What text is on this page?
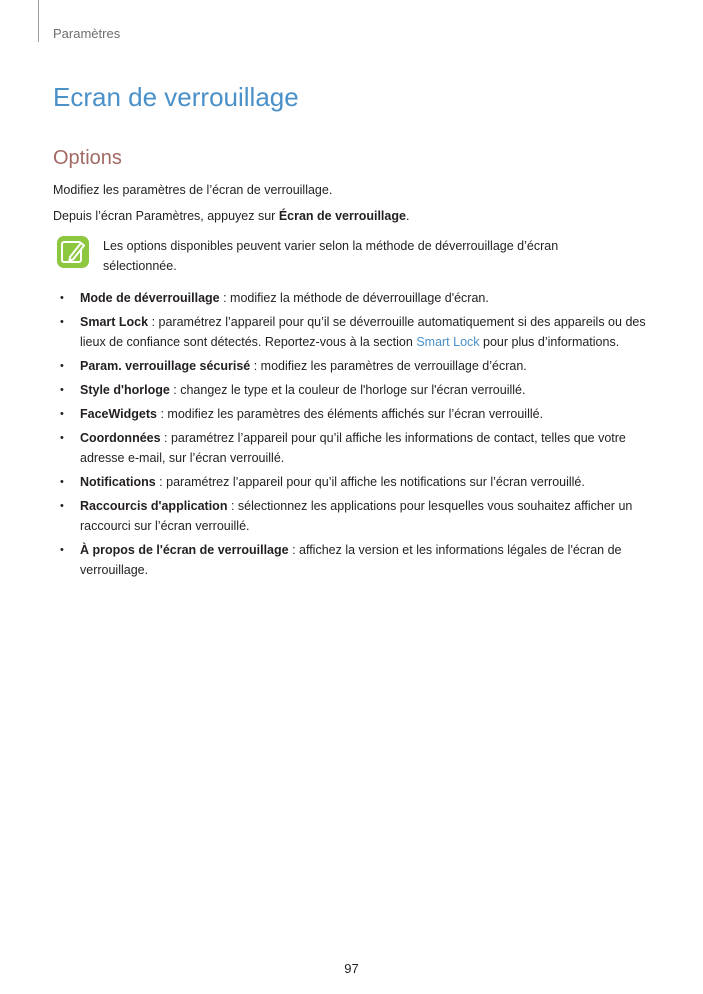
Paramètres
Ecran de verrouillage
Options

Modifiez les paramètres de l’écran de verrouillage.

Depuis l’écran Paramètres, appuyez sur Écran de verrouillage.

Les options disponibles peuvent varier selon la méthode de déverrouillage d’écran sélectionnée.
• Mode de déverrouillage : modifiez la méthode de déverrouillage d'écran.
• Smart Lock : paramétrez l’appareil pour qu’il se déverrouille automatiquement si des appareils ou des lieux de confiance sont détectés. Reportez-vous à la section Smart Lock pour plus d’informations.
• Param. verrouillage sécurisé : modifiez les paramètres de verrouillage d’écran.
• Style d'horloge : changez le type et la couleur de l'horloge sur l'écran verrouillé.
• FaceWidgets : modifiez les paramètres des éléments affichés sur l’écran verrouillé.
• Coordonnées : paramétrez l’appareil pour qu’il affiche les informations de contact, telles que votre adresse e-mail, sur l’écran verrouillé.
• Notifications : paramétrez l’appareil pour qu’il affiche les notifications sur l’écran verrouillé.
• Raccourcis d'application : sélectionnez les applications pour lesquelles vous souhaitez afficher un raccourci sur l’écran verrouillé.
• À propos de l'écran de verrouillage : affichez la version et les informations légales de l'écran de verrouillage.
97
